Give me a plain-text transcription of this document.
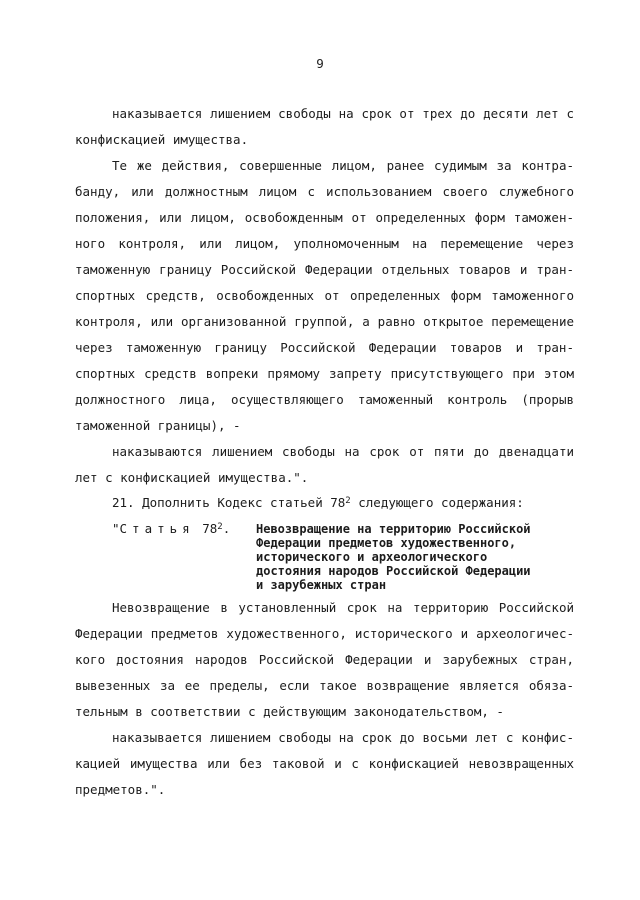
9
наказывается лишением свободы на срок от трех до десяти лет с
конфискацией имущества.
Те же действия, совершенные лицом, ранее судимым за контра-
банду, или должностным лицом с использованием своего служебного
положения, или лицом, освобожденным от определенных форм таможен-
ного контроля, или лицом, уполномоченным на перемещение через
таможенную границу Российской Федерации отдельных товаров и тран-
спортных средств, освобожденных от определенных форм таможенного
контроля, или организованной группой, а равно открытое перемещение
через таможенную границу Российской Федерации товаров и тран-
спортных средств вопреки прямому запрету присутствующего при этом
должностного лица, осуществляющего таможенный контроль (прорыв
таможенной границы), -
наказываются лишением свободы на срок от пяти до двенадцати
лет с конфискацией имущества.".
21. Дополнить Кодекс статьей $78^2$ следующего содержания:
"Статья $78^2$.	Невозвращение на территорию Российской
Федерации предметов художественного,
исторического и археологического
достояния народов Российской Федерации
и зарубежных стран
Невозвращение в установленный срок на территорию Российской
Федерации предметов художественного, исторического и археологичес-
кого достояния народов Российской Федерации и зарубежных стран,
вывезенных за ее пределы, если такое возвращение является обяза-
тельным в соответствии с действующим законодательством, -
наказывается лишением свободы на срок до восьми лет с конфис-
кацией имущества или без таковой и с конфискацией невозвращенных
предметов.".
